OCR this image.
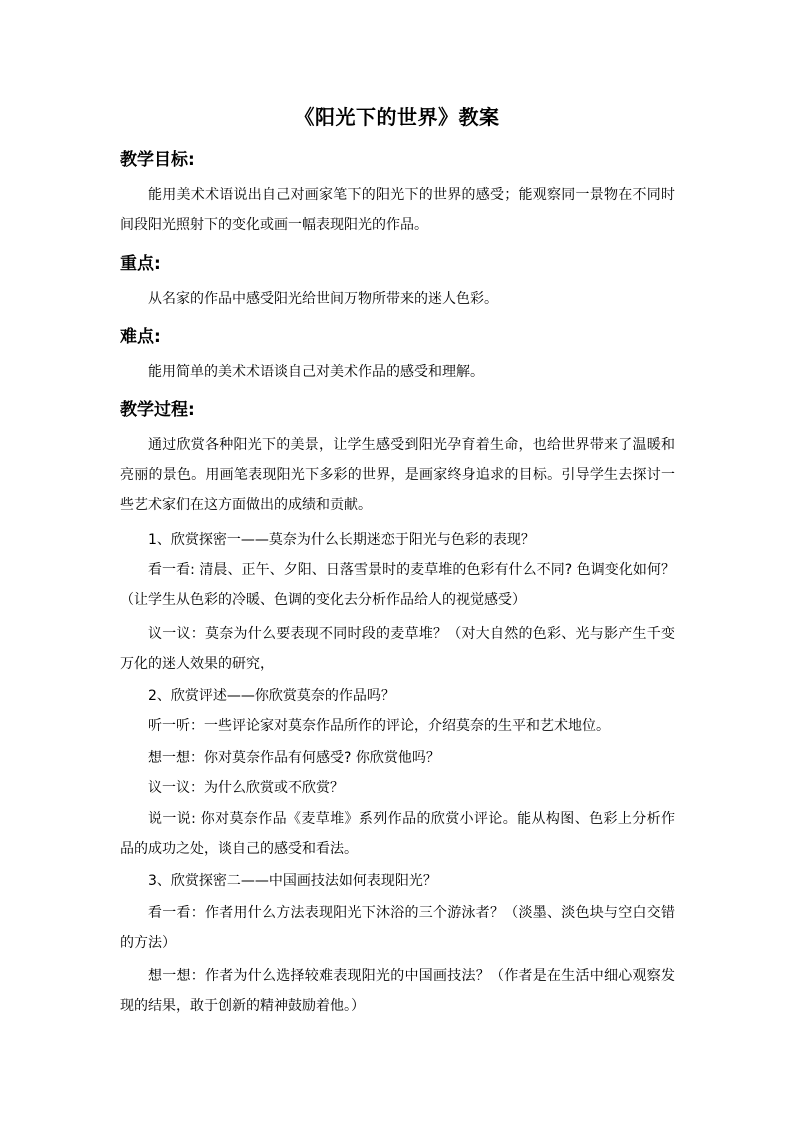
《阳光下的世界》教案
教学目标:

能用美术术语说出自己对画家笔下的阳光下的世界的感受；能观察同一景物在不同时间段阳光照射下的变化或画一幅表现阳光的作品。

重点:

从名家的作品中感受阳光给世间万物所带来的迷人色彩。

难点:

能用简单的美术术语谈自己对美术作品的感受和理解。

教学过程:

通过欣赏各种阳光下的美景，让学生感受到阳光孕育着生命，也给世界带来了温暖和亮丽的景色。用画笔表现阳光下多彩的世界，是画家终身追求的目标。引导学生去探讨一些艺术家们在这方面做出的成绩和贡献。

1、欣赏探密一——莫奈为什么长期迷恋于阳光与色彩的表现？

看一看: 清晨、正午、夕阳、日落雪景时的麦草堆的色彩有什么不同? 色调变化如何？（让学生从色彩的冷暖、色调的变化去分析作品给人的视觉感受）

议一议：莫奈为什么要表现不同时段的麦草堆？（对大自然的色彩、光与影产生千变万化的迷人效果的研究，

2、欣赏评述——你欣赏莫奈的作品吗？

听一听：一些评论家对莫奈作品所作的评论，介绍莫奈的生平和艺术地位。

想一想：你对莫奈作品有何感受? 你欣赏他吗？

议一议：为什么欣赏或不欣赏？

说一说: 你对莫奈作品《麦草堆》系列作品的欣赏小评论。能从构图、色彩上分析作品的成功之处，谈自己的感受和看法。

3、欣赏探密二——中国画技法如何表现阳光？

看一看：作者用什么方法表现阳光下沐浴的三个游泳者？（淡墨、淡色块与空白交错的方法）

想一想：作者为什么选择较难表现阳光的中国画技法？（作者是在生活中细心观察发现的结果，敢于创新的精神鼓励着他。）
